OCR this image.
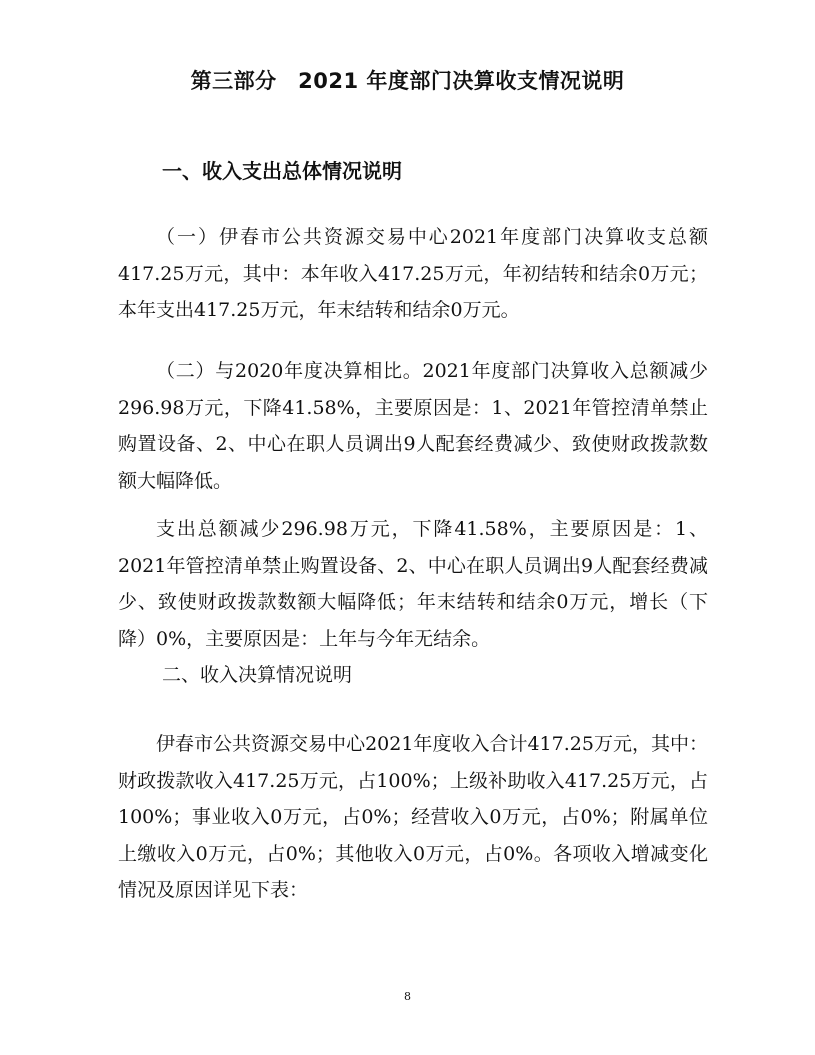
第三部分　2021 年度部门决算收支情况说明
一、收入支出总体情况说明
（一）伊春市公共资源交易中心2021年度部门决算收支总额417.25万元，其中：本年收入417.25万元，年初结转和结余0万元；本年支出417.25万元，年末结转和结余0万元。
（二）与2020年度决算相比。2021年度部门决算收入总额减少296.98万元，下降41.58%，主要原因是：1、2021年管控清单禁止购置设备、2、中心在职人员调出9人配套经费减少、致使财政拨款数额大幅降低。
支出总额减少296.98万元，下降41.58%，主要原因是：1、2021年管控清单禁止购置设备、2、中心在职人员调出9人配套经费减少、致使财政拨款数额大幅降低；年末结转和结余0万元，增长（下降）0%，主要原因是：上年与今年无结余。
二、收入决算情况说明
伊春市公共资源交易中心2021年度收入合计417.25万元，其中：财政拨款收入417.25万元，占100%；上级补助收入417.25万元，占100%；事业收入0万元，占0%；经营收入0万元，占0%；附属单位上缴收入0万元，占0%；其他收入0万元，占0%。各项收入增减变化情况及原因详见下表：
8
